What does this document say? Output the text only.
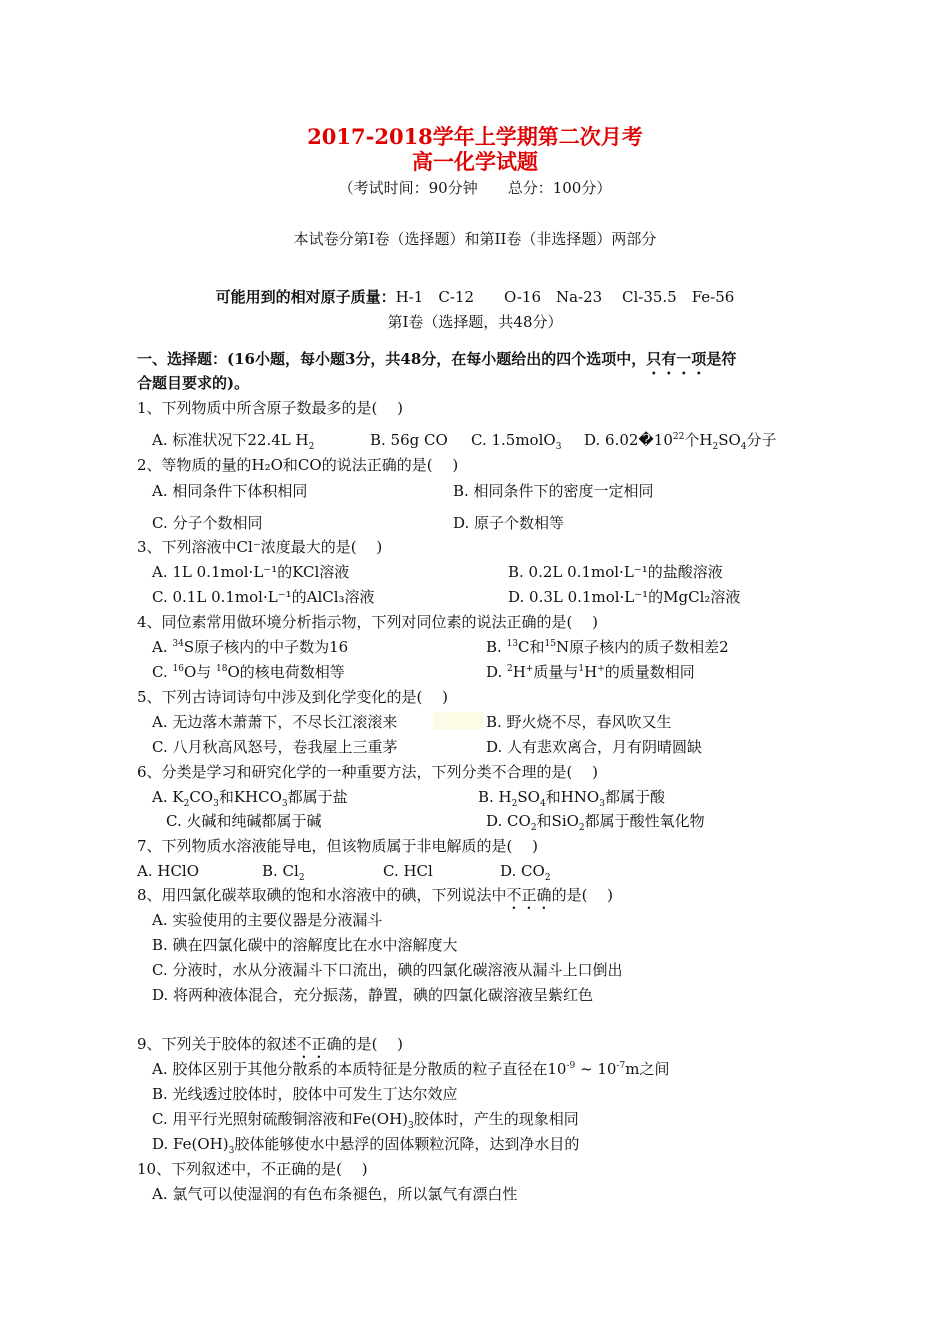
2017-2018学年上学期第二次月考
高一化学试题
（考试时间：90分钟　　总分：100分）
本试卷分第I卷（选择题）和第II卷（非选择题）两部分
可能用到的相对原子质量：H-1　C-12　　O-16　Na-23　 Cl-35.5　Fe-56
第I卷（选择题，共48分）
一、选择题：(16小题，每小题3分，共48分，在每小题给出的四个选项中，只有一项是符
合题目要求的)。
1、下列物质中所含原子数最多的是(　 )
A. 标准状况下22.4L $H_2$	B. 56g CO C. 1.5molO$_3$ D. $6.02�10^{22}$个$H_2SO_4$分子
2、等物质的量的H₂O和CO的说法正确的是(　 )
A. 相同条件下体积相同	B. 相同条件下的密度一定相同
C. 分子个数相同	D. 原子个数相等
3、下列溶液中Cl⁻浓度最大的是(　 )
A. 1L 0.1mol·L⁻¹的KCl溶液	B. 0.2L 0.1mol·L⁻¹的盐酸溶液
C. 0.1L 0.1mol·L⁻¹的AlCl₃溶液	D. 0.3L 0.1mol·L⁻¹的MgCl₂溶液
4、同位素常用做环境分析指示物，下列对同位素的说法正确的是(　 )
A. $^{34}$S原子核内的中子数为16	B. $^{13}$C和$^{15}$N原子核内的质子数相差2
C. $^{16}$O与 $^{18}$O的核电荷数相等	D. $^2$H+质量与$^1$H+的质量数相同
5、下列古诗词诗句中涉及到化学变化的是(　 )
A. 无边落木萧萧下，不尽长江滚滚来	B. 野火烧不尽，春风吹又生
C. 八月秋高风怒号，卷我屋上三重茅	D. 人有悲欢离合，月有阴晴圆缺
6、分类是学习和研究化学的一种重要方法，下列分类不合理的是(　 )
A. $K_2CO_3$和$KHCO_3$都属于盐	B. $H_2SO_4$和$HNO_3$都属于酸
C. 火碱和纯碱都属于碱	D. $CO_2$和SiO$_2$都属于酸性氧化物
7、下列物质水溶液能导电，但该物质属于非电解质的是(　 )
A. HClO	B. $Cl_2$	C. HCl	D. $CO_2$
8、用四氯化碳萃取碘的饱和水溶液中的碘，下列说法中不正确的是(　 )
A. 实验使用的主要仪器是分液漏斗
B. 碘在四氯化碳中的溶解度比在水中溶解度大
C. 分液时，水从分液漏斗下口流出，碘的四氯化碳溶液从漏斗上口倒出
D. 将两种液体混合，充分振荡，静置，碘的四氯化碳溶液呈紫红色
9、下列关于胶体的叙述不正确的是(　 )
A. 胶体区别于其他分散系的本质特征是分散质的粒子直径在$10^{-9}$ ~ $10^{-7}m$之间
B. 光线透过胶体时，胶体中可发生丁达尔效应
C. 用平行光照射硫酸铜溶液和$Fe(OH)_3$胶体时，产生的现象相同
D. $Fe(OH)_3$胶体能够使水中悬浮的固体颗粒沉降，达到净水目的
10、下列叙述中，不正确的是(　 )
A. 氯气可以使湿润的有色布条褪色，所以氯气有漂白性
